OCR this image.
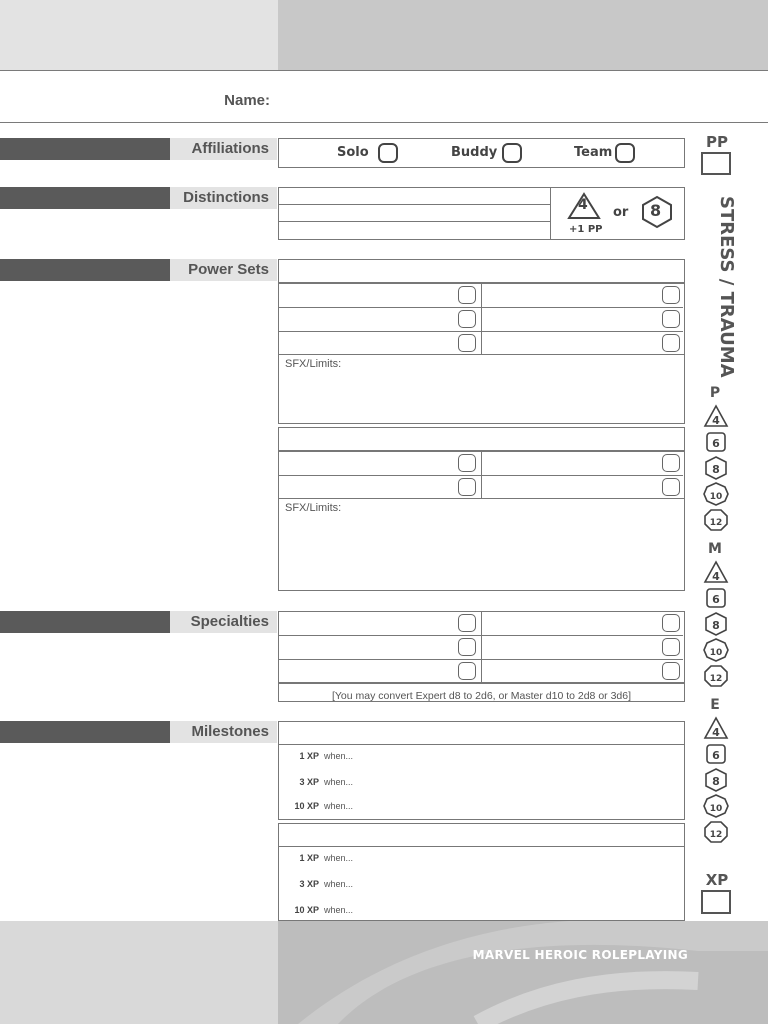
Name:
Affiliations
Distinctions
Power Sets
Specialties
Milestones
Solo	Buddy	Team
4 or 8
+1 PP
SFX/Limits:
SFX/Limits:
[You may convert Expert d8 to 2d6, or Master d10 to 2d8 or 3d6]
1 XP when...
3 XP when...
10 XP when...
1 XP when...
3 XP when...
10 XP when...
PP
STRESS / TRAUMA
P
4
6
8
10
12
M
4
6
8
10
12
E
4
6
8
10
12
XP
MARVEL HEROIC ROLEPLAYING
